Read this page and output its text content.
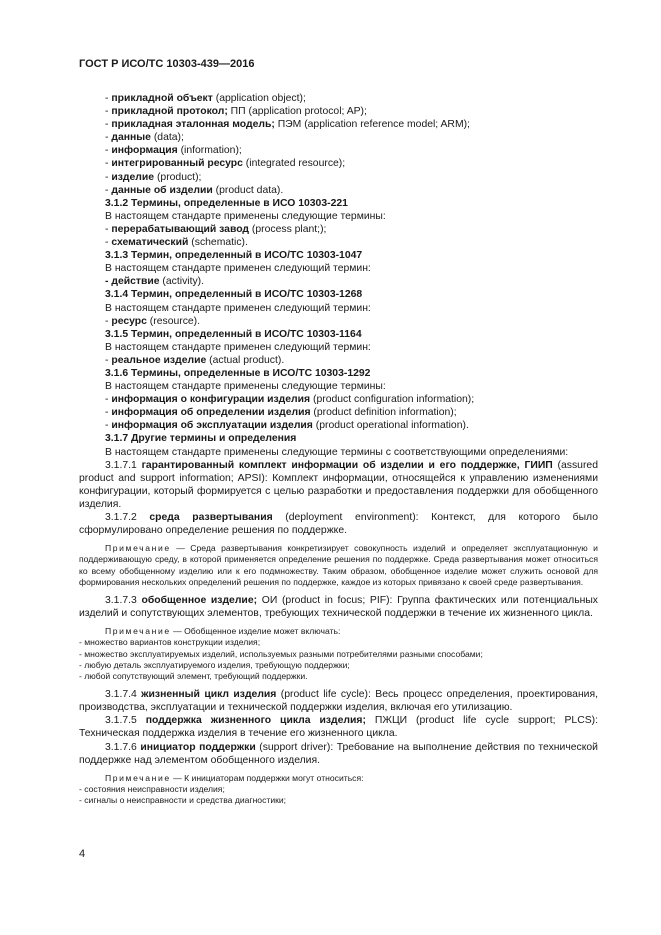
ГОСТ Р ИСО/ТС 10303-439—2016

- прикладной объект (application object);

- прикладной протокол; ПП (application protocol; AP);

- прикладная эталонная модель; ПЭМ (application reference model; ARM);

- данные (data);

- информация (information);

- интегрированный ресурс (integrated resource);

- изделие (product);

- данные об изделии (product data).

3.1.2 Термины, определенные в ИСО 10303-221

В настоящем стандарте применены следующие термины:

- перерабатывающий завод (process plant;);

- схематический (schematic).

3.1.3 Термин, определенный в ИСО/ТС 10303-1047

В настоящем стандарте применен следующий термин:

- действие (activity).

3.1.4 Термин, определенный в ИСО/ТС 10303-1268

В настоящем стандарте применен следующий термин:

- ресурс (resource).

3.1.5 Термин, определенный в ИСО/ТС 10303-1164

В настоящем стандарте применен следующий термин:

- реальное изделие (actual product).

3.1.6 Термины, определенные в ИСО/ТС 10303-1292

В настоящем стандарте применены следующие термины:

- информация о конфигурации изделия (product configuration information);

- информация об определении изделия (product definition information);

- информация об эксплуатации изделия (product operational information).

3.1.7 Другие термины и определения

В настоящем стандарте применены следующие термины с соответствующими определениями:

3.1.7.1 гарантированный комплект информации об изделии и его поддержке, ГИИП (assured product and support information; APSI): Комплект информации, относящейся к управлению изменениями конфигурации, который формируется с целью разработки и предоставления поддержки для обобщенного изделия.

3.1.7.2 среда развертывания (deployment environment): Контекст, для которого было сформулировано определение решения по поддержке.

Примечание — Среда развертывания конкретизирует совокупность изделий и определяет эксплуатационную и поддерживающую среду, в которой применяется определение решения по поддержке. Среда развертывания может относиться ко всему обобщенному изделию или к его подмножеству. Таким образом, обобщенное изделие может служить основой для формирования нескольких определений решения по поддержке, каждое из которых привязано к своей среде развертывания.

3.1.7.3 обобщенное изделие; ОИ (product in focus; PIF): Группа фактических или потенциальных изделий и сопутствующих элементов, требующих технической поддержки в течение их жизненного цикла.

Примечание — Обобщенное изделие может включать:
- множество вариантов конструкции изделия;
- множество эксплуатируемых изделий, используемых разными потребителями разными способами;
- любую деталь эксплуатируемого изделия, требующую поддержки;
- любой сопутствующий элемент, требующий поддержки.

3.1.7.4 жизненный цикл изделия (product life cycle): Весь процесс определения, проектирования, производства, эксплуатации и технической поддержки изделия, включая его утилизацию.

3.1.7.5 поддержка жизненного цикла изделия; ПЖЦИ (product life cycle support; PLCS): Техническая поддержка изделия в течение его жизненного цикла.

3.1.7.6 инициатор поддержки (support driver): Требование на выполнение действия по технической поддержке над элементом обобщенного изделия.

Примечание — К инициаторам поддержки могут относиться:
- состояния неисправности изделия;
- сигналы о неисправности и средства диагностики;
4
